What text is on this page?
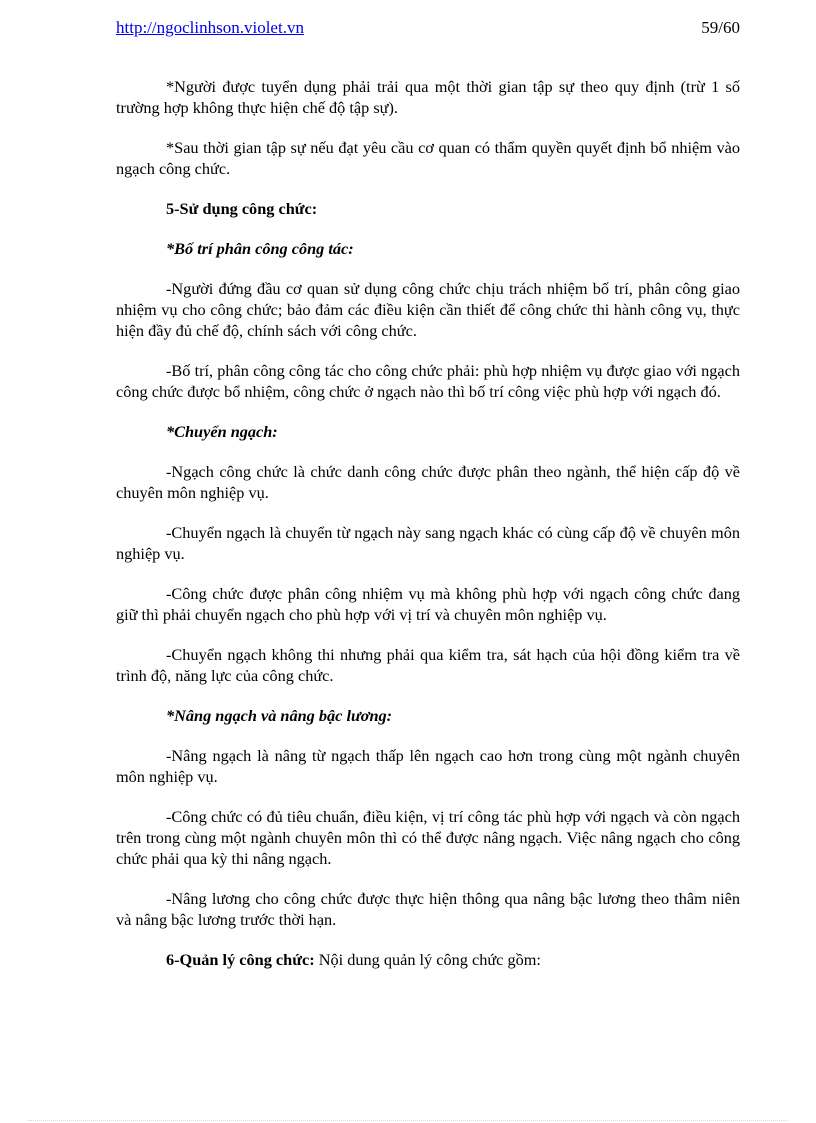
http://ngoclinhson.violet.vn	59/60

*Người được tuyển dụng phải trải qua một thời gian tập sự theo quy định (trừ 1 số trường hợp không thực hiện chế độ tập sự).

*Sau thời gian tập sự nếu đạt yêu cầu cơ quan có thẩm quyền quyết định bổ nhiệm vào ngạch công chức.

5-Sử dụng công chức:

*Bố trí phân công công tác:

-Người đứng đầu cơ quan sử dụng công chức chịu trách nhiệm bố trí, phân công giao nhiệm vụ cho công chức; bảo đảm các điều kiện cần thiết để công chức thi hành công vụ, thực hiện đầy đủ chế độ, chính sách với công chức.

-Bố trí, phân công công tác cho công chức phải: phù hợp nhiệm vụ được giao với ngạch công chức được bổ nhiệm, công chức ở ngạch nào thì bố trí công việc phù hợp với ngạch đó.

*Chuyển ngạch:

-Ngạch công chức là chức danh công chức được phân theo ngành, thể hiện cấp độ về chuyên môn nghiệp vụ.

-Chuyển ngạch là chuyển từ ngạch này sang ngạch khác có cùng cấp độ về chuyên môn nghiệp vụ.

-Công chức được phân công nhiệm vụ mà không phù hợp với ngạch công chức đang giữ thì phải chuyển ngạch cho phù hợp với vị trí và chuyên môn nghiệp vụ.

-Chuyển ngạch không thi nhưng phải qua kiểm tra, sát hạch của hội đồng kiểm tra về trình độ, năng lực của công chức.

*Nâng ngạch và nâng bậc lương:

-Nâng ngạch là nâng từ ngạch thấp lên ngạch cao hơn trong cùng một ngành chuyên môn nghiệp vụ.

-Công chức có đủ tiêu chuẩn, điều kiện, vị trí công tác phù hợp với ngạch và còn ngạch trên trong cùng một ngành chuyên môn thì có thể được nâng ngạch. Việc nâng ngạch cho công chức phải qua kỳ thi nâng ngạch.

-Nâng lương cho công chức được thực hiện thông qua nâng bậc lương theo thâm niên và nâng bậc lương trước thời hạn.

6-Quản lý công chức: Nội dung quản lý công chức gồm:
